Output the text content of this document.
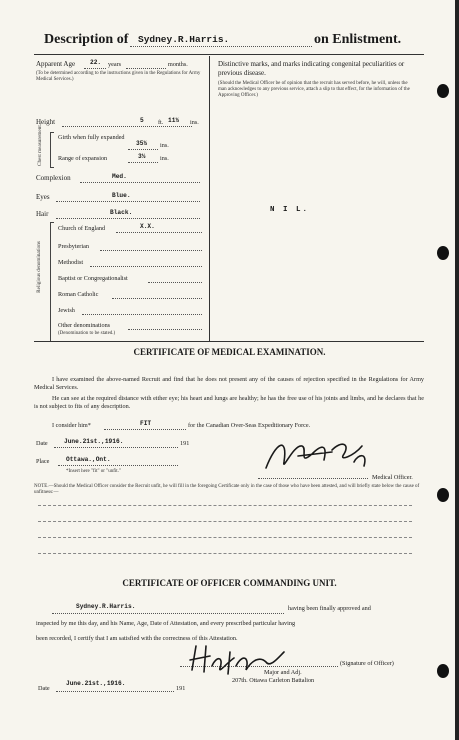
Description of Sydney.R.Harris.	on Enlistment.
Apparent Age 22. years	months.
(To be determined according to the instructions given in the Regulations for Army Medical Services.)
Height	5 ft. 11½ ins.
Chest measurement. Girth when fully expanded
35½ ins.
Range of expansion	3½ ins.
Complexion	Med.
Eyes	Blue.
Hair	Black.
Religious denominations
Church of England	X.X.
Presbyterian
Methodist
Baptist or Congregationalist
Roman Catholic
Jewish
Other denominations
(Denomination to be stated.)
Distinctive marks, and marks indicating congenital peculiarities or previous disease.
(Should the Medical Officer be of opinion that the recruit has served before, he will, unless the man acknowledges to any previous service, attach a slip to that effect, for the information of the Approving Officer.)
N I L.
CERTIFICATE OF MEDICAL EXAMINATION.
I have examined the above-named Recruit and find that he does not present any of the causes of rejection specified in the Regulations for Army Medical Services.
He can see at the required distance with either eye; his heart and lungs are healthy; he has the free use of his joints and limbs, and he declares that he is not subject to fits of any description.
I consider him*	FIT	for the Canadian Over-Seas Expeditionary Force.
Date	June.21st.,1916.	191
Place	Ottawa.,Ont.
*Insert here "fit" or "unfit."
Medical Officer.
NOTE.—Should the Medical Officer consider the Recruit unfit, he will fill in the foregoing Certificate only in the case of those who have been attested, and will briefly state below the cause of unfitness:—
CERTIFICATE OF OFFICER COMMANDING UNIT.
Sydney.R.Harris.	having been finally approved and
inspected by me this day, and his Name, Age, Date of Attestation, and every prescribed particular having
been recorded, I certify that I am satisfied with the correctness of this Attestation.
(Signature of Officer)
Major and Adj.
207th. Ottawa Carleton Battalion
Date
June.21st.,1916.
191
